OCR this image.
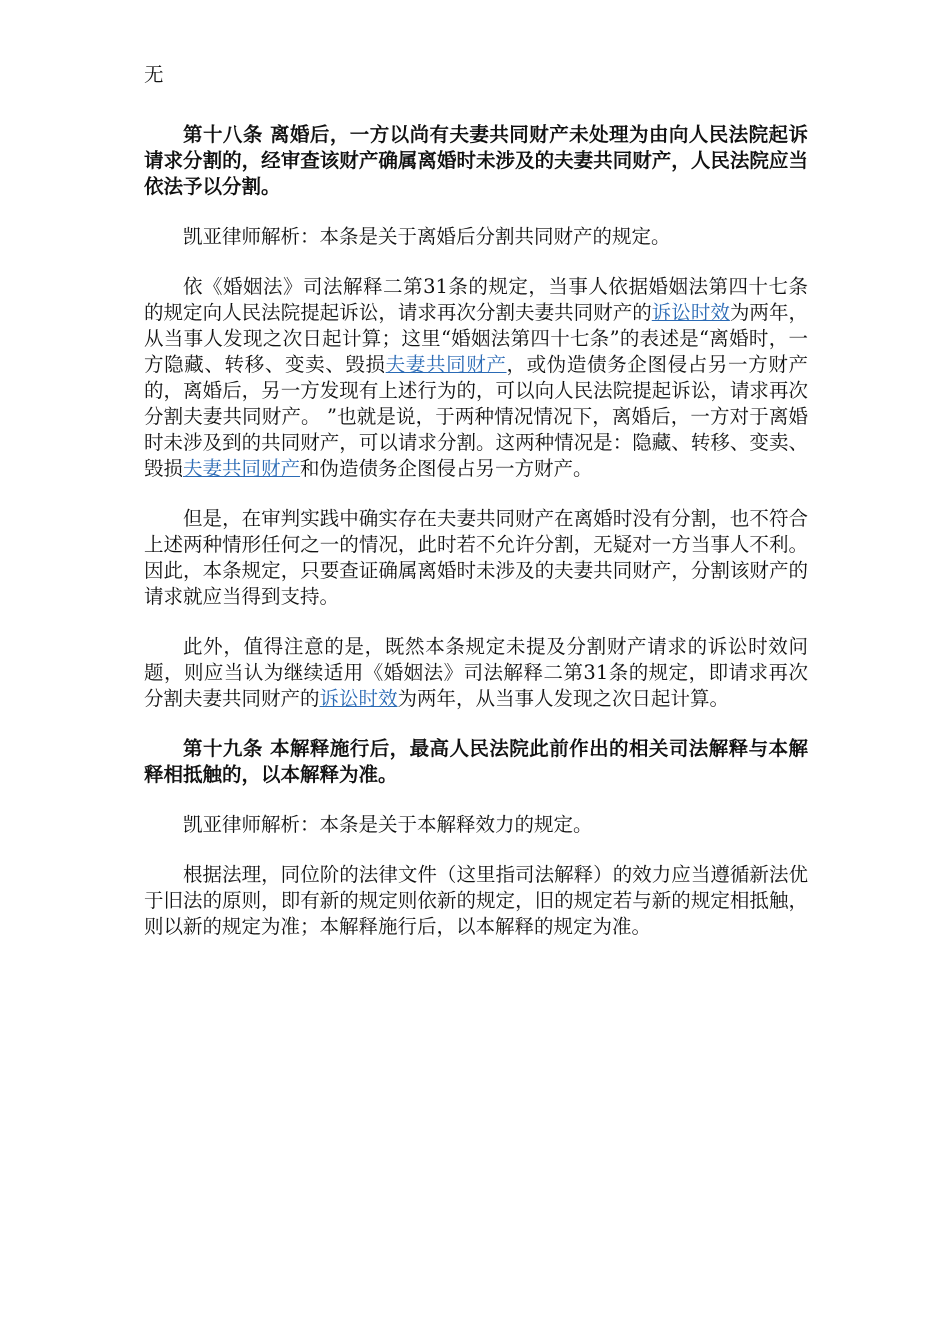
无

第十八条 离婚后，一方以尚有夫妻共同财产未处理为由向人民法院起诉请求分割的，经审查该财产确属离婚时未涉及的夫妻共同财产，人民法院应当依法予以分割。

凯亚律师解析：本条是关于离婚后分割共同财产的规定。

依《婚姻法》司法解释二第31条的规定，当事人依据婚姻法第四十七条的规定向人民法院提起诉讼，请求再次分割夫妻共同财产的诉讼时效为两年，从当事人发现之次日起计算；这里“婚姻法第四十七条”的表述是“离婚时，一方隐藏、转移、变卖、毁损夫妻共同财产，或伪造债务企图侵占另一方财产的，离婚后，另一方发现有上述行为的，可以向人民法院提起诉讼，请求再次分割夫妻共同财产。 ”也就是说，于两种情况情况下，离婚后，一方对于离婚时未涉及到的共同财产，可以请求分割。这两种情况是：隐藏、转移、变卖、毁损夫妻共同财产和伪造债务企图侵占另一方财产。

但是，在审判实践中确实存在夫妻共同财产在离婚时没有分割，也不符合上述两种情形任何之一的情况，此时若不允许分割，无疑对一方当事人不利。因此，本条规定，只要查证确属离婚时未涉及的夫妻共同财产，分割该财产的请求就应当得到支持。

此外，值得注意的是，既然本条规定未提及分割财产请求的诉讼时效问题，则应当认为继续适用《婚姻法》司法解释二第31条的规定，即请求再次分割夫妻共同财产的诉讼时效为两年，从当事人发现之次日起计算。

第十九条 本解释施行后，最高人民法院此前作出的相关司法解释与本解释相抵触的，以本解释为准。

凯亚律师解析：本条是关于本解释效力的规定。

根据法理，同位阶的法律文件（这里指司法解释）的效力应当遵循新法优于旧法的原则，即有新的规定则依新的规定，旧的规定若与新的规定相抵触，则以新的规定为准；本解释施行后，以本解释的规定为准。
